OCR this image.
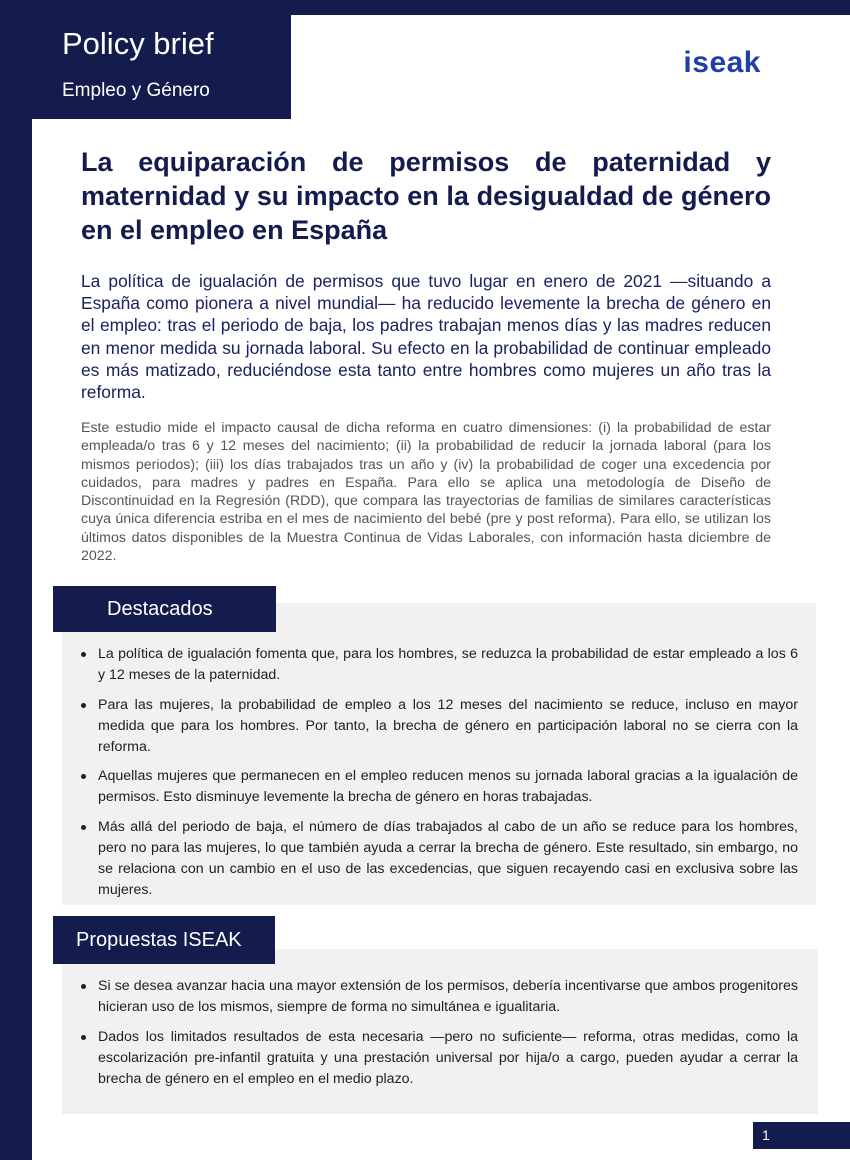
Policy brief
Empleo y Género
iseak
La equiparación de permisos de paternidad y maternidad y su impacto en la desigualdad de género en el empleo en España

La política de igualación de permisos que tuvo lugar en enero de 2021 —situando a España como pionera a nivel mundial— ha reducido levemente la brecha de género en el empleo: tras el periodo de baja, los padres trabajan menos días y las madres reducen en menor medida su jornada laboral. Su efecto en la probabilidad de continuar empleado es más matizado, reduciéndose esta tanto entre hombres como mujeres un año tras la reforma.

Este estudio mide el impacto causal de dicha reforma en cuatro dimensiones: (i) la probabilidad de estar empleada/o tras 6 y 12 meses del nacimiento; (ii) la probabilidad de reducir la jornada laboral (para los mismos periodos); (iii) los días trabajados tras un año y (iv) la probabilidad de coger una excedencia por cuidados, para madres y padres en España. Para ello se aplica una metodología de Diseño de Discontinuidad en la Regresión (RDD), que compara las trayectorias de familias de similares características cuya única diferencia estriba en el mes de nacimiento del bebé (pre y post reforma). Para ello, se utilizan los últimos datos disponibles de la Muestra Continua de Vidas Laborales, con información hasta diciembre de 2022.

Destacados
La política de igualación fomenta que, para los hombres, se reduzca la probabilidad de estar empleado a los 6 y 12 meses de la paternidad.
Para las mujeres, la probabilidad de empleo a los 12 meses del nacimiento se reduce, incluso en mayor medida que para los hombres. Por tanto, la brecha de género en participación laboral no se cierra con la reforma.
Aquellas mujeres que permanecen en el empleo reducen menos su jornada laboral gracias a la igualación de permisos. Esto disminuye levemente la brecha de género en horas trabajadas.
Más allá del periodo de baja, el número de días trabajados al cabo de un año se reduce para los hombres, pero no para las mujeres, lo que también ayuda a cerrar la brecha de género. Este resultado, sin embargo, no se relaciona con un cambio en el uso de las excedencias, que siguen recayendo casi en exclusiva sobre las mujeres.
Propuestas ISEAK
Si se desea avanzar hacia una mayor extensión de los permisos, debería incentivarse que ambos progenitores hicieran uso de los mismos, siempre de forma no simultánea e igualitaria.
Dados los limitados resultados de esta necesaria —pero no suficiente— reforma, otras medidas, como la escolarización pre-infantil gratuita y una prestación universal por hija/o a cargo, pueden ayudar a cerrar la brecha de género en el empleo en el medio plazo.
1
